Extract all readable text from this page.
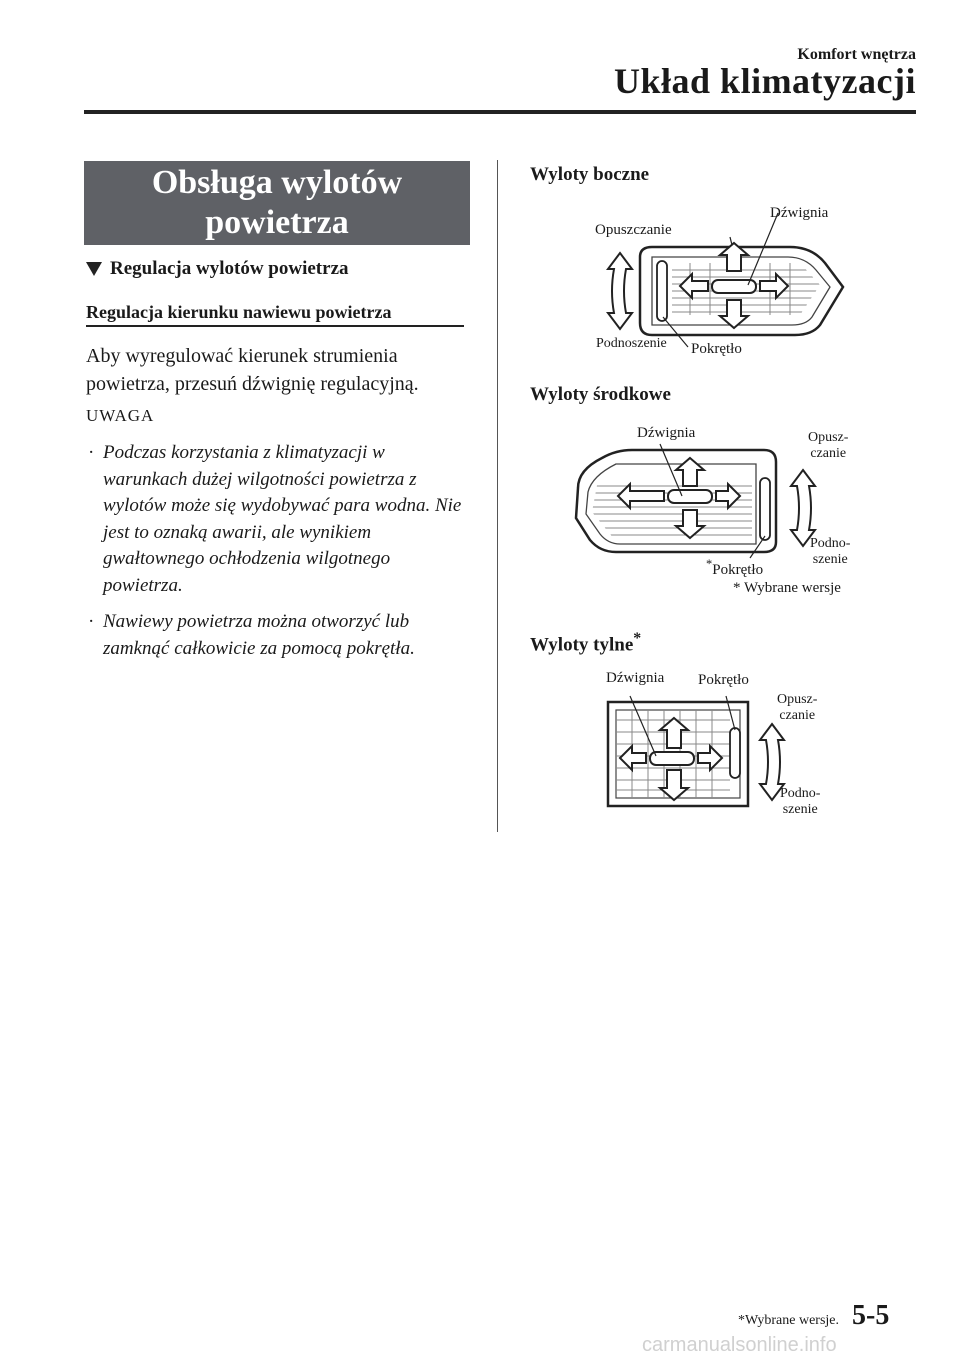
Komfort wnętrza
Układ klimatyzacji
Obsługa wylotów
powietrza
Regulacja wylotów powietrza
Regulacja kierunku nawiewu powietrza
Aby wyregulować kierunek strumienia powietrza, przesuń dźwignię regulacyjną.
UWAGA
· Podczas korzystania z klimatyzacji w warunkach dużej wilgotności powietrza z wylotów może się wydobywać para wodna. Nie jest to oznaką awarii, ale wynikiem gwałtownego ochłodzenia wilgotnego powietrza.
· Nawiewy powietrza można otworzyć lub zamknąć całkowicie za pomocą pokrętła.
Wyloty boczne
Dźwignia
Opuszczanie
Podnoszenie Pokrętło
Wyloty środkowe
Dźwignia	Opusz-
czanie
Podno-
szenie
*Pokrętło
* Wybrane wersje
Wyloty tylne*
Dźwignia Pokrętło
Opusz-
czanie
Podno-
szenie
*Wybrane wersje. 5-5
carmanualsonline.info
